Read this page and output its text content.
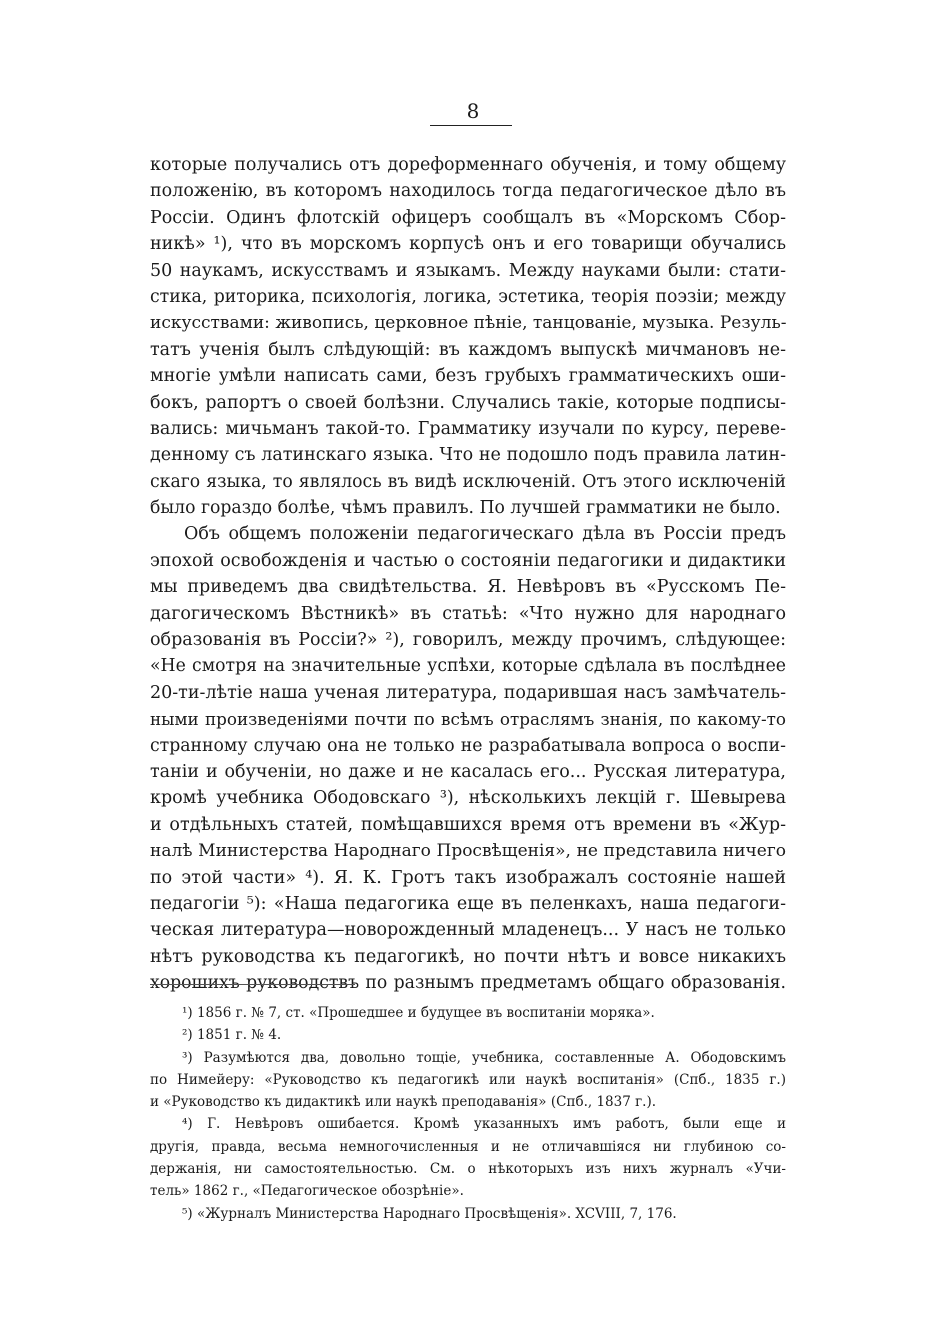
8
которые получались отъ дореформеннаго обученія, и тому общему
положенію, въ которомъ находилось тогда педагогическое дѣло въ
Россіи. Одинъ флотскій офицеръ сообщалъ въ «Морскомъ Сбор-
никѣ» ¹), что въ морскомъ корпусѣ онъ и его товарищи обучались
50 наукамъ, искусствамъ и языкамъ. Между науками были: стати-
стика, риторика, психологія, логика, эстетика, теорія поэзіи; между
искусствами: живопись, церковное пѣніе, танцованіе, музыка. Резуль-
татъ ученія былъ слѣдующій: въ каждомъ выпускѣ мичмановъ не-
многіе умѣли написать сами, безъ грубыхъ грамматическихъ оши-
бокъ, рапортъ о своей болѣзни. Случались такіе, которые подписы-
вались: мичьманъ такой-то. Грамматику изучали по курсу, переве-
денному съ латинскаго языка. Что не подошло подъ правила латин-
скаго языка, то являлось въ видѣ исключеній. Отъ этого исключеній
было гораздо болѣе, чѣмъ правилъ. По лучшей грамматики не было.
Объ общемъ положеніи педагогическаго дѣла въ Россіи предъ
эпохой освобожденія и частью о состояніи педагогики и дидактики
мы приведемъ два свидѣтельства. Я. Невѣровъ въ «Русскомъ Пе-
дагогическомъ Вѣстникѣ» въ статьѣ: «Что нужно для народнаго
образованія въ Россіи?» ²), говорилъ, между прочимъ, слѣдующее:
«Не смотря на значительные успѣхи, которые сдѣлала въ послѣднее
20-ти-лѣтіе наша ученая литература, подарившая насъ замѣчатель-
ными произведеніями почти по всѣмъ отраслямъ знанія, по какому-то
странному случаю она не только не разрабатывала вопроса о воспи-
таніи и обученіи, но даже и не касалась его... Русская литература,
кромѣ учебника Ободовскаго ³), нѣсколькихъ лекцій г. Шевырева
и отдѣльныхъ статей, помѣщавшихся время отъ времени въ «Жур-
налѣ Министерства Народнаго Просвѣщенія», не представила ничего
по этой части» ⁴). Я. К. Гротъ такъ изображалъ состояніе нашей
педагогіи ⁵): «Наша педагогика еще въ пеленкахъ, наша педагоги-
ческая литература—новорожденный младенецъ... У насъ не только
нѣтъ руководства къ педагогикѣ, но почти нѣтъ и вовсе никакихъ
хорошихъ руководствъ по разнымъ предметамъ общаго образованія.
¹) 1856 г. № 7, ст. «Прошедшее и будущее въ воспитаніи моряка».
²) 1851 г. № 4.
³) Разумѣются два, довольно тощіе, учебника, составленные А. Ободовскимъ
по Нимейеру: «Руководство къ педагогикѣ или наукѣ воспитанія» (Спб., 1835 г.)
и «Руководство къ дидактикѣ или наукѣ преподаванія» (Спб., 1837 г.).
⁴) Г. Невѣровъ ошибается. Кромѣ указанныхъ имъ работъ, были еще и
другія, правда, весьма немногочисленныя и не отличавшіяся ни глубиною со-
держанія, ни самостоятельностью. См. о нѣкоторыхъ изъ нихъ журналъ «Учи-
тель» 1862 г., «Педагогическое обозрѣніе».
⁵) «Журналъ Министерства Народнаго Просвѣщенія». XCVIII, 7, 176.
